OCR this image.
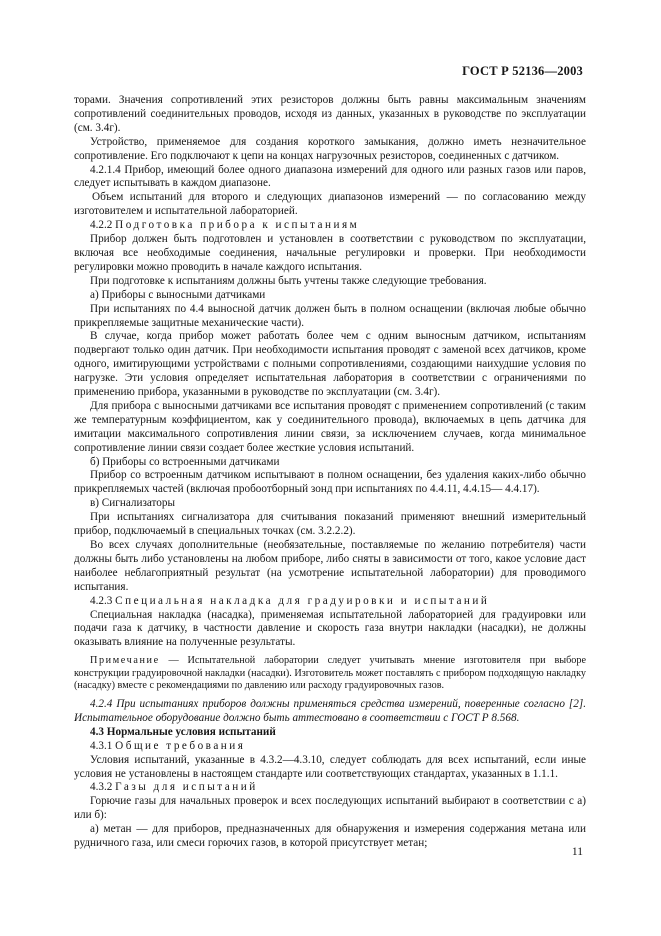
ГОСТ Р 52136—2003

торами. Значения сопротивлений этих резисторов должны быть равны максимальным значениям сопротивлений соединительных проводов, исходя из данных, указанных в руководстве по эксплуатации (см. 3.4г).

Устройство, применяемое для создания короткого замыкания, должно иметь незначительное сопротивление. Его подключают к цепи на концах нагрузочных резисторов, соединенных с датчиком.

4.2.1.4 Прибор, имеющий более одного диапазона измерений для одного или разных газов или паров, следует испытывать в каждом диапазоне.

Объем испытаний для второго и следующих диапазонов измерений — по согласованию между изготовителем и испытательной лабораторией.

4.2.2 Подготовка прибора к испытаниям

Прибор должен быть подготовлен и установлен в соответствии с руководством по эксплуатации, включая все необходимые соединения, начальные регулировки и проверки. При необходимости регулировки можно проводить в начале каждого испытания.

При подготовке к испытаниям должны быть учтены также следующие требования.

а) Приборы с выносными датчиками

При испытаниях по 4.4 выносной датчик должен быть в полном оснащении (включая любые обычно прикрепляемые защитные механические части).

В случае, когда прибор может работать более чем с одним выносным датчиком, испытаниям подвергают только один датчик. При необходимости испытания проводят с заменой всех датчиков, кроме одного, имитирующими устройствами с полными сопротивлениями, создающими наихудшие условия по нагрузке. Эти условия определяет испытательная лаборатория в соответствии с ограничениями по применению прибора, указанными в руководстве по эксплуатации (см. 3.4г).

Для прибора с выносными датчиками все испытания проводят с применением сопротивлений (с таким же температурным коэффициентом, как у соединительного провода), включаемых в цепь датчика для имитации максимального сопротивления линии связи, за исключением случаев, когда минимальное сопротивление линии связи создает более жесткие условия испытаний.

б) Приборы со встроенными датчиками

Прибор со встроенным датчиком испытывают в полном оснащении, без удаления каких-либо обычно прикрепляемых частей (включая пробоотборный зонд при испытаниях по 4.4.11, 4.4.15— 4.4.17).

в) Сигнализаторы

При испытаниях сигнализатора для считывания показаний применяют внешний измерительный прибор, подключаемый в специальных точках (см. 3.2.2.2).

Во всех случаях дополнительные (необязательные, поставляемые по желанию потребителя) части должны быть либо установлены на любом приборе, либо сняты в зависимости от того, какое условие даст наиболее неблагоприятный результат (на усмотрение испытательной лаборатории) для проводимого испытания.

4.2.3 Специальная накладка для градуировки и испытаний

Специальная накладка (насадка), применяемая испытательной лабораторией для градуировки или подачи газа к датчику, в частности давление и скорость газа внутри накладки (насадки), не должны оказывать влияние на полученные результаты.

Примечание — Испытательной лаборатории следует учитывать мнение изготовителя при выборе конструкции градуировочной накладки (насадки). Изготовитель может поставлять с прибором подходящую накладку (насадку) вместе с рекомендациями по давлению или расходу градуировочных газов.

4.2.4 При испытаниях приборов должны применяться средства измерений, поверенные согласно [2]. Испытательное оборудование должно быть аттестовано в соответствии с ГОСТ Р 8.568.

4.3 Нормальные условия испытаний

4.3.1 Общие требования

Условия испытаний, указанные в 4.3.2—4.3.10, следует соблюдать для всех испытаний, если иные условия не установлены в настоящем стандарте или соответствующих стандартах, указанных в 1.1.1.

4.3.2 Газы для испытаний

Горючие газы для начальных проверок и всех последующих испытаний выбирают в соответствии с а) или б):

а) метан — для приборов, предназначенных для обнаружения и измерения содержания метана или рудничного газа, или смеси горючих газов, в которой присутствует метан;

11
